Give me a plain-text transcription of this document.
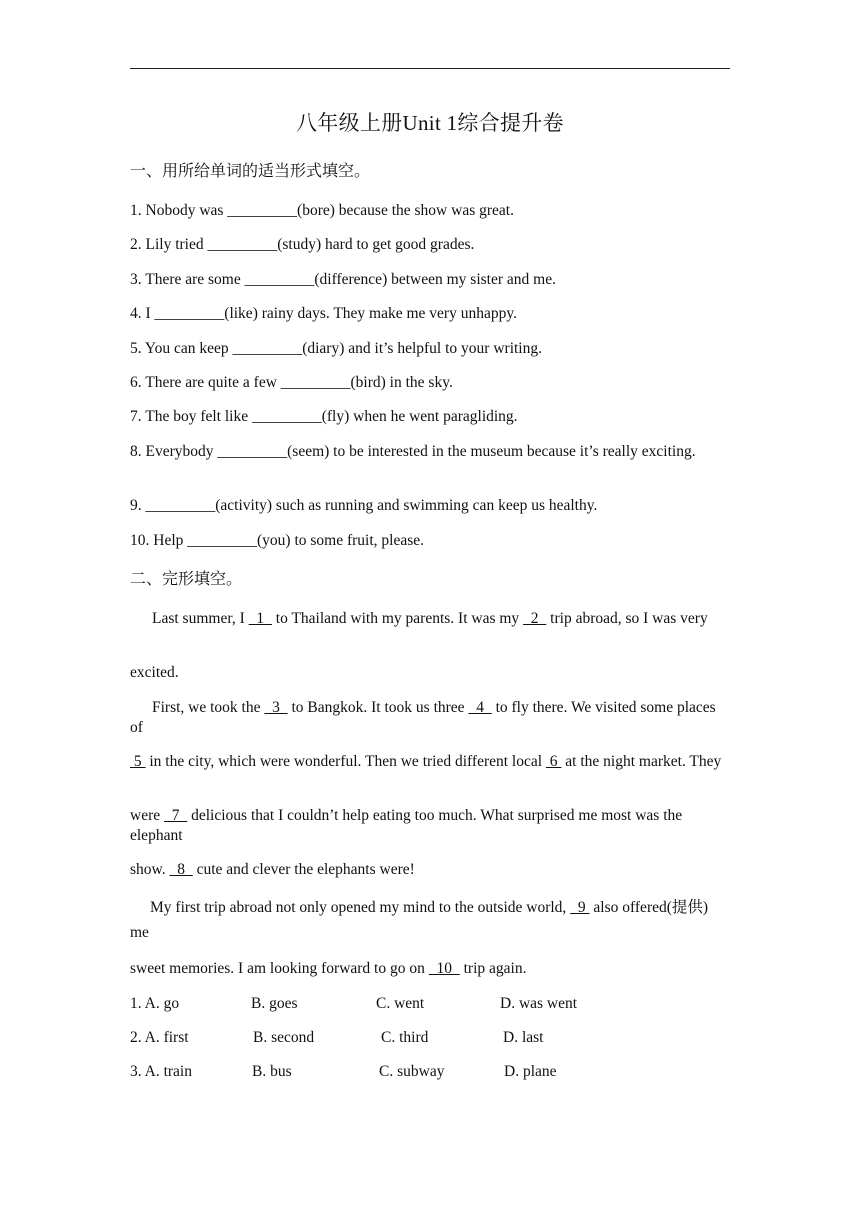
八年级上册Unit 1综合提升卷
一、用所给单词的适当形式填空。
1. Nobody was _________(bore) because the show was great.
2. Lily tried _________(study) hard to get good grades.
3. There are some _________(difference) between my sister and me.
4. I _________(like) rainy days. They make me very unhappy.
5. You can keep _________(diary) and it’s helpful to your writing.
6. There are quite a few _________(bird) in the sky.
7. The boy felt like _________(fly) when he went paragliding.
8. Everybody _________(seem) to be interested in the museum because it’s really exciting.
9. _________(activity) such as running and swimming can keep us healthy.
10. Help _________(you) to some fruit, please.
二、完形填空。
Last summer, I   1   to Thailand with my parents. It was my   2   trip abroad, so I was very
excited.
First, we took the   3   to Bangkok. It took us three   4   to fly there. We visited some places of
5  in the city, which were wonderful. Then we tried different local  6  at the night market. They
were   7   delicious that I couldn’t help eating too much. What surprised me most was the elephant
show.   8   cute and clever the elephants were!
My first trip abroad not only opened my mind to the outside world,   9  also offered(提供) me
sweet memories. I am looking forward to go on   10   trip again.
1. A. go	B. goes	C. went	D. was went
2. A. first	B. second	C. third	D. last
3. A. train	B. bus	C. subway	D. plane
